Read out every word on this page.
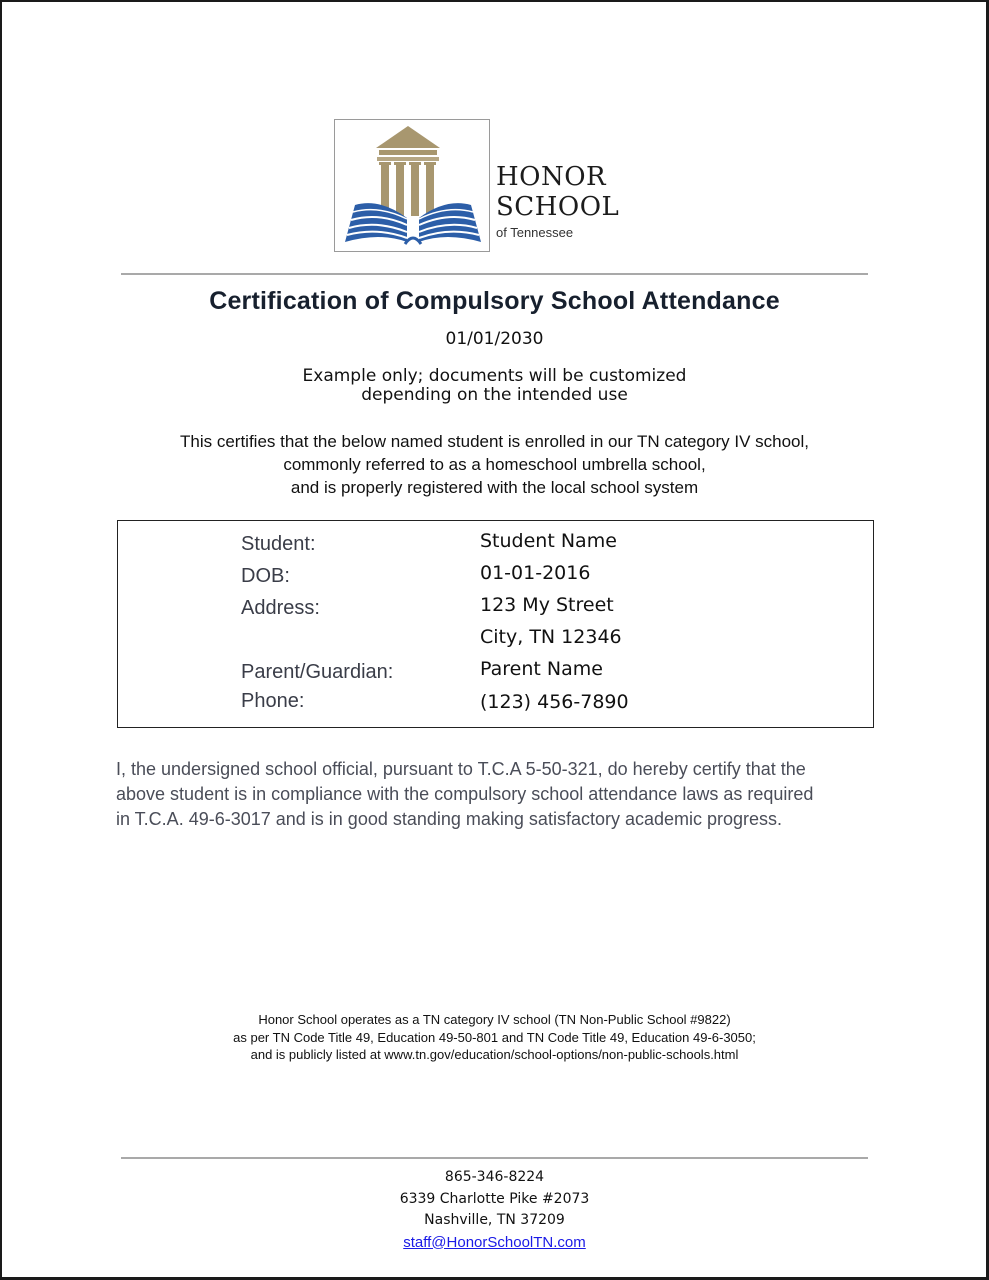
HONOR
SCHOOL
of Tennessee
Certification of Compulsory School Attendance
01/01/2030
Example only; documents will be customized
depending on the intended use
This certifies that the below named student is enrolled in our TN category IV school,
commonly referred to as a homeschool umbrella school,
and is properly registered with the local school system
Student:	Student Name
DOB:	01-01-2016
Address:	123 My Street
City, TN 12346
Parent/Guardian:	Parent Name
Phone:	(123) 456-7890
I, the undersigned school official, pursuant to T.C.A 5-50-321, do hereby certify that the
above student is in compliance with the compulsory school attendance laws as required
in T.C.A. 49-6-3017 and is in good standing making satisfactory academic progress.
Honor School operates as a TN category IV school (TN Non-Public School #9822)
as per TN Code Title 49, Education 49-50-801 and TN Code Title 49, Education 49-6-3050;
and is publicly listed at www.tn.gov/education/school-options/non-public-schools.html
865-346-8224
6339 Charlotte Pike #2073
Nashville, TN 37209
staff@HonorSchoolTN.com
